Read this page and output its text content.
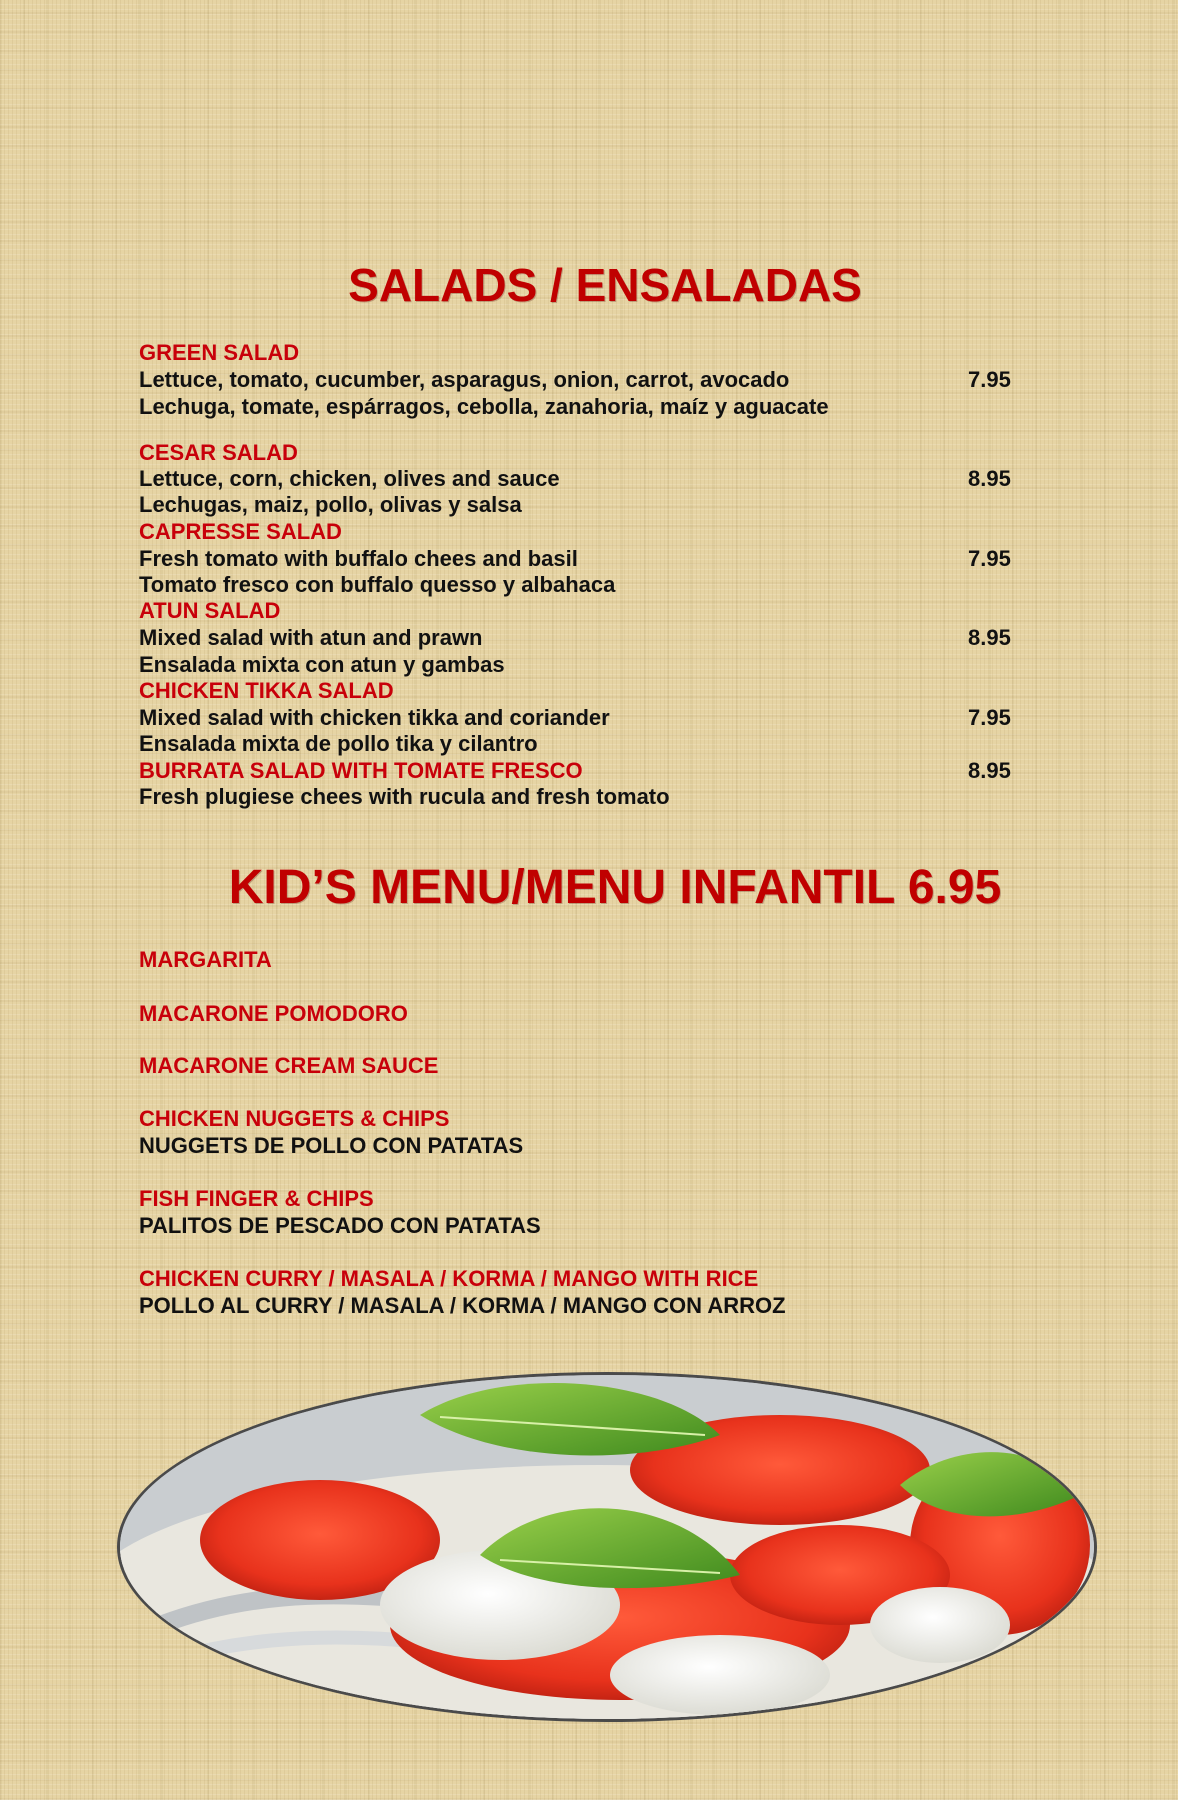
SALADS / ENSALADAS
GREEN SALAD
Lettuce, tomato, cucumber, asparagus, onion, carrot, avocado	7.95
Lechuga, tomate, espárragos, cebolla, zanahoria, maíz y aguacate
CESAR SALAD
Lettuce, corn, chicken, olives and sauce	8.95
Lechugas, maiz, pollo, olivas y salsa
CAPRESSE SALAD
Fresh tomato with buffalo chees and basil	7.95
Tomato fresco con buffalo quesso y albahaca
ATUN SALAD
Mixed salad with atun and prawn	8.95
Ensalada mixta con atun y gambas
CHICKEN TIKKA SALAD
Mixed salad with chicken tikka and coriander	7.95
Ensalada mixta de pollo tika y cilantro
BURRATA SALAD WITH TOMATE FRESCO	8.95
Fresh plugiese chees with rucula and fresh tomato
KID’S MENU/MENU INFANTIL 6.95
MARGARITA
MACARONE POMODORO
MACARONE CREAM SAUCE
CHICKEN NUGGETS & CHIPS
NUGGETS DE POLLO CON PATATAS
FISH FINGER & CHIPS
PALITOS DE PESCADO CON PATATAS
CHICKEN CURRY / MASALA / KORMA / MANGO WITH RICE
POLLO AL CURRY / MASALA / KORMA / MANGO CON ARROZ
